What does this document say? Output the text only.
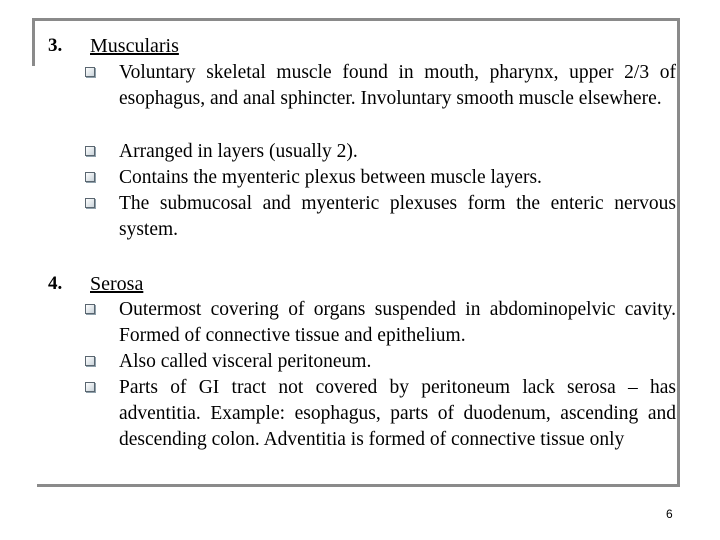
3. Muscularis
Voluntary skeletal muscle found in mouth, pharynx, upper 2/3 of esophagus, and anal sphincter. Involuntary smooth muscle elsewhere.
Arranged in layers (usually 2).
Contains the myenteric plexus between muscle layers.
The submucosal and myenteric plexuses form the enteric nervous system.
4. Serosa
Outermost covering of organs suspended in abdominopelvic cavity. Formed of connective tissue and epithelium.
Also called visceral peritoneum.
Parts of GI tract not covered by peritoneum lack serosa – has adventitia. Example: esophagus, parts of duodenum, ascending and descending colon. Adventitia is formed of connective tissue only
6
